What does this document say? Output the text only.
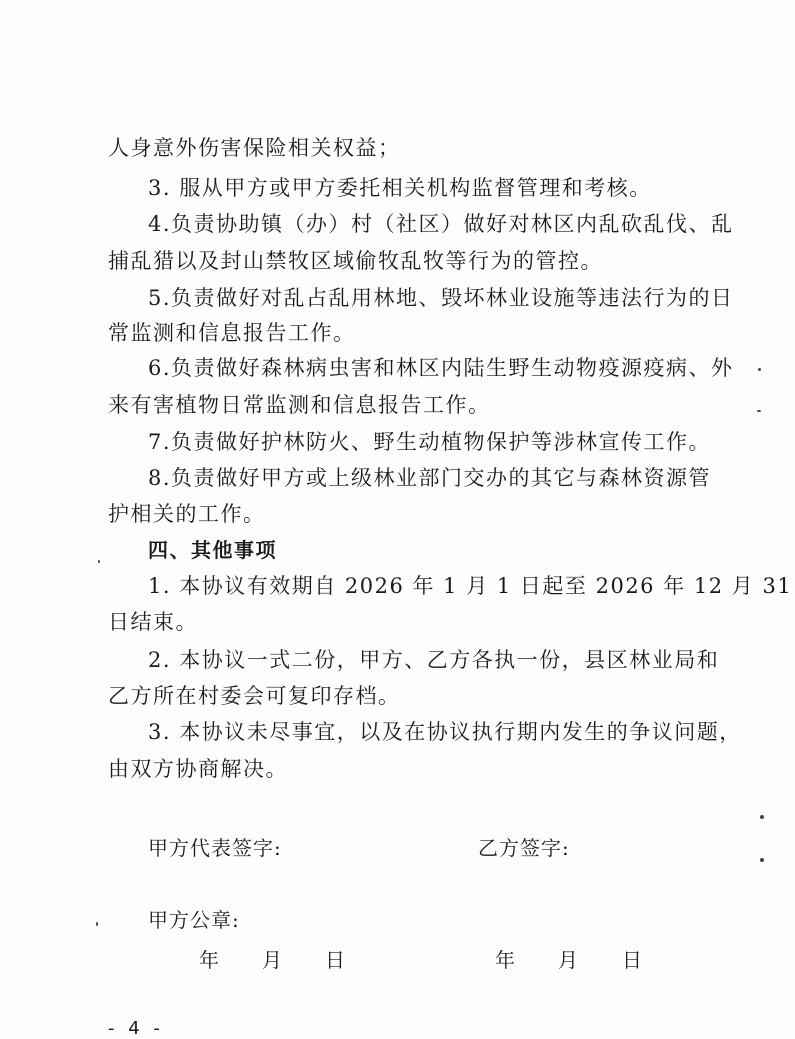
人身意外伤害保险相关权益；
3. 服从甲方或甲方委托相关机构监督管理和考核。
4.负责协助镇（办）村（社区）做好对林区内乱砍乱伐、乱
捕乱猎以及封山禁牧区域偷牧乱牧等行为的管控。
5.负责做好对乱占乱用林地、毁坏林业设施等违法行为的日
常监测和信息报告工作。
6.负责做好森林病虫害和林区内陆生野生动物疫源疫病、外
来有害植物日常监测和信息报告工作。
7.负责做好护林防火、野生动植物保护等涉林宣传工作。
8.负责做好甲方或上级林业部门交办的其它与森林资源管
护相关的工作。
四、其他事项
1. 本协议有效期自 2026 年 1 月 1 日起至 2026 年 12 月 31
日结束。
2. 本协议一式二份，甲方、乙方各执一份，县区林业局和
乙方所在村委会可复印存档。
3. 本协议未尽事宜，以及在协议执行期内发生的争议问题，
由双方协商解决。
甲方代表签字:	乙方签字:
甲方公章:
年 月 日	年 月 日
- 4 -
